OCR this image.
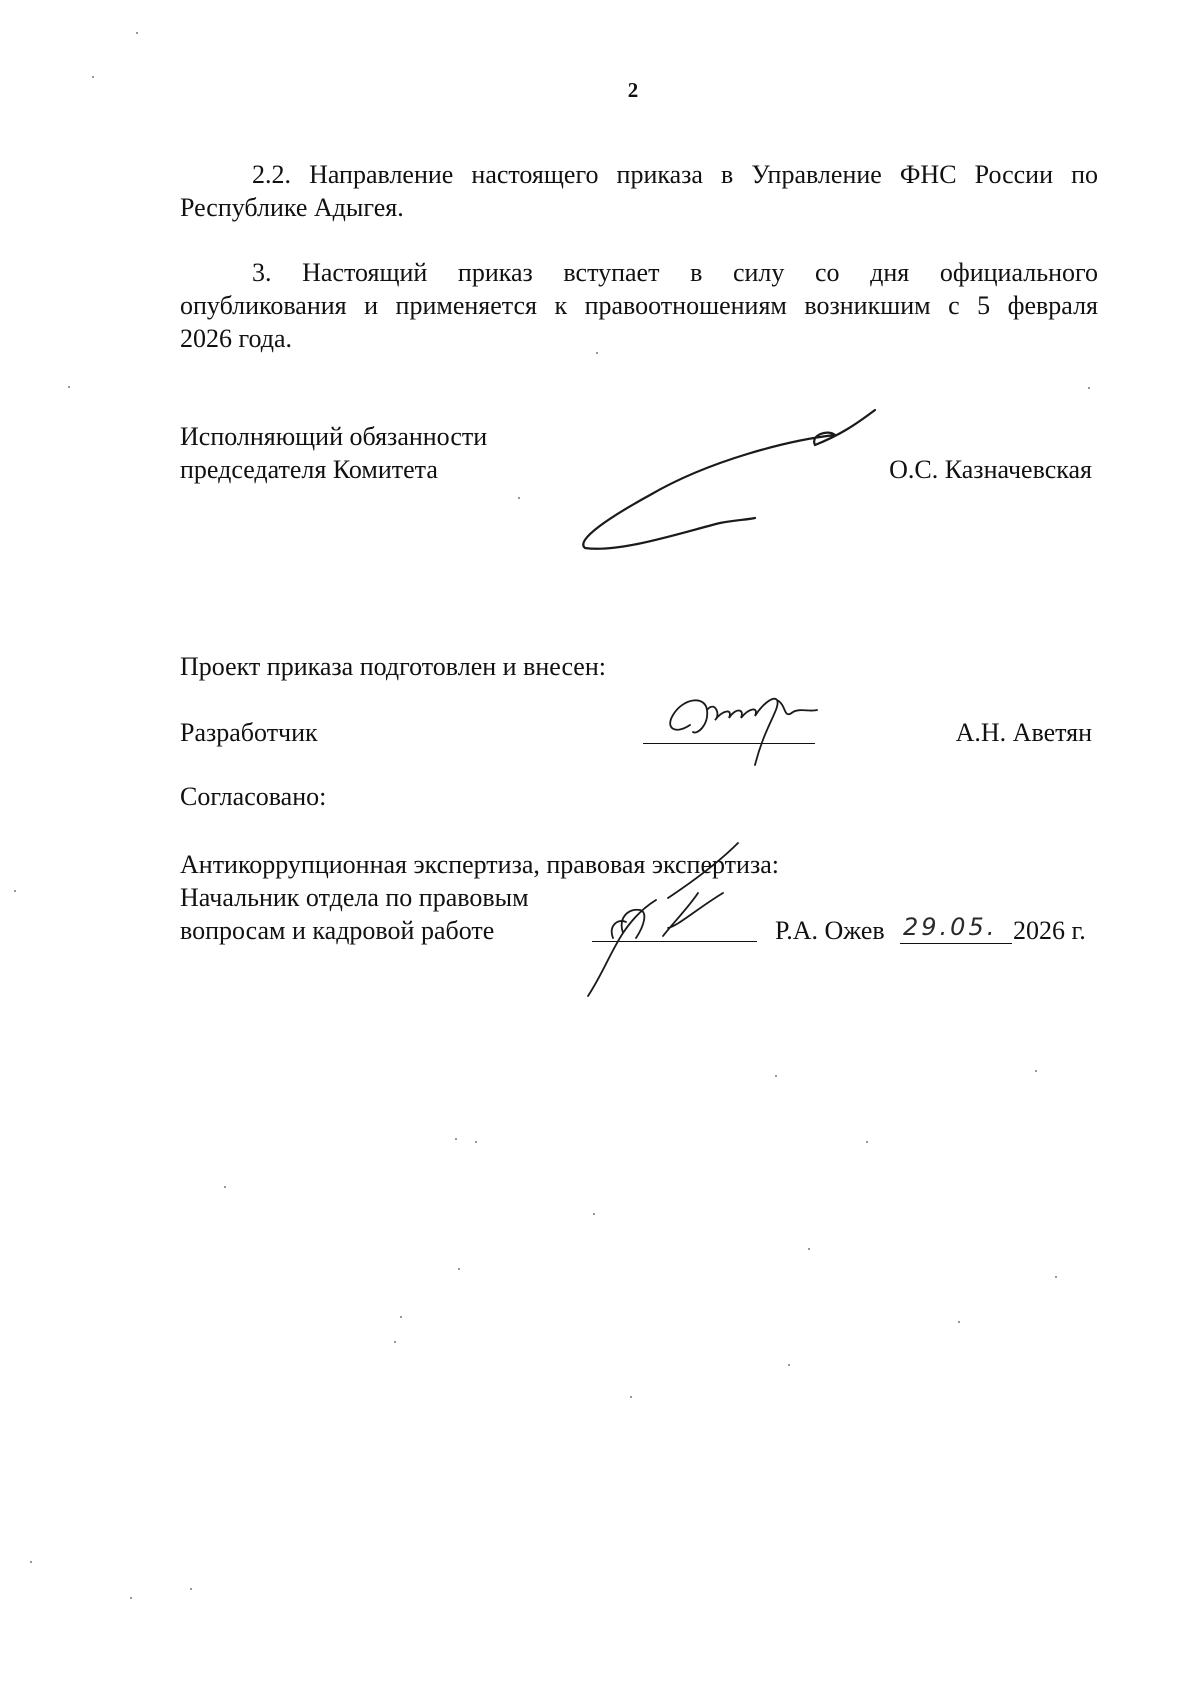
2
2.2. Направление настоящего приказа в Управление ФНС России по
Республике Адыгея.
3. Настоящий приказ вступает в силу со дня официального
опубликования и применяется к правоотношениям возникшим с 5 февраля
2026 года.
Исполняющий обязанности
председателя Комитета	О.С. Казначевская
Проект приказа подготовлен и внесен:
Разработчик	А.Н. Аветян
Согласовано:
Антикоррупционная экспертиза, правовая экспертиза:
Начальник отдела по правовым
вопросам и кадровой работе	Р.А. Ожев 29.05. 2026 г.
